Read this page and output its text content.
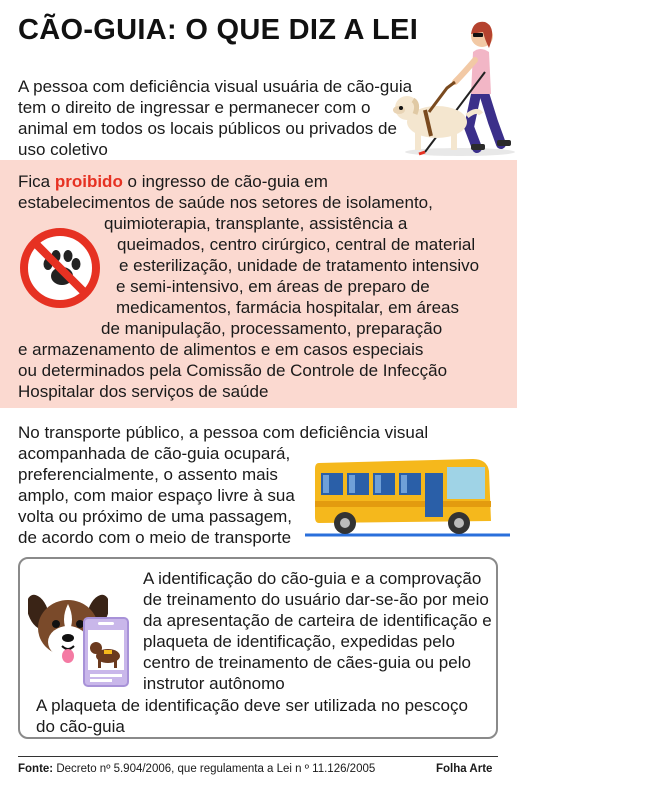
CÃO-GUIA: O QUE DIZ A LEI
A pessoa com deficiência visual usuária de cão-guia
tem o direito de ingressar e permanecer com o
animal em todos os locais públicos ou privados de
uso coletivo
Fica proibido o ingresso de cão-guia em
estabelecimentos de saúde nos setores de isolamento,
quimioterapia, transplante, assistência a
queimados, centro cirúrgico, central de material
e esterilização, unidade de tratamento intensivo
e semi-intensivo, em áreas de preparo de
medicamentos, farmácia hospitalar, em áreas
de manipulação, processamento, preparação
e armazenamento de alimentos e em casos especiais
ou determinados pela Comissão de Controle de Infecção
Hospitalar dos serviços de saúde
No transporte público, a pessoa com deficiência visual
acompanhada de cão-guia ocupará,
preferencialmente, o assento mais
amplo, com maior espaço livre à sua
volta ou próximo de uma passagem,
de acordo com o meio de transporte
A identificação do cão-guia e a comprovação
de treinamento do usuário dar-se-ão por meio
da apresentação de carteira de identificação e
plaqueta de identificação, expedidas pelo
centro de treinamento de cães-guia ou pelo
instrutor autônomo
A plaqueta de identificação deve ser utilizada no pescoço
do cão-guia
Fonte: Decreto nº 5.904/2006, que regulamenta a Lei n º 11.126/2005	Folha Arte
